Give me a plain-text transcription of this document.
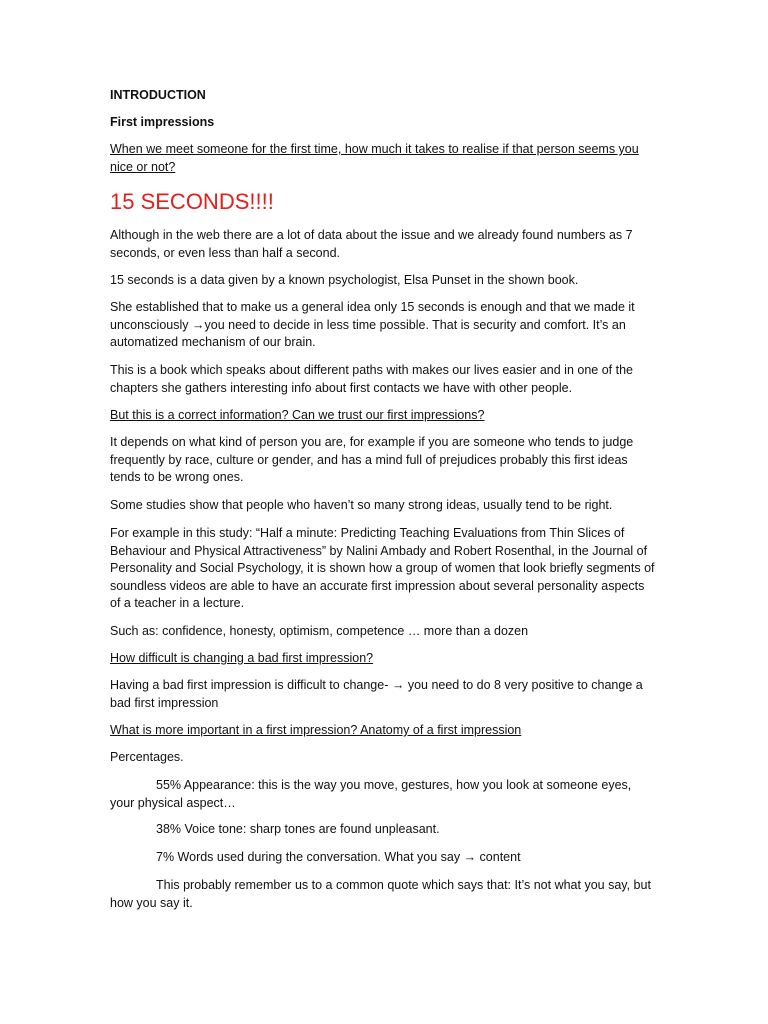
INTRODUCTION

First impressions

When we meet someone for the first time, how much it takes to realise if that person seems you nice or not?

15 SECONDS!!!!

Although in the web there are a lot of data about the issue and we already found numbers as 7 seconds, or even less than half a second.

15 seconds is a data given by a known psychologist, Elsa Punset in the shown book.

She established that to make us a general idea only 15 seconds is enough and that we made it unconsciously →you need to decide in less time possible. That is security and comfort. It’s an automatized mechanism of our brain.

This is a book which speaks about different paths with makes our lives easier and in one of the chapters she gathers interesting info about first contacts we have with other people.

But this is a correct information? Can we trust our first impressions?

It depends on what kind of person you are, for example if you are someone who tends to judge frequently by race, culture or gender, and has a mind full of prejudices probably this first ideas tends to be wrong ones.

Some studies show that people who haven’t so many strong ideas, usually tend to be right.

For example in this study: “Half a minute: Predicting Teaching Evaluations from Thin Slices of Behaviour and Physical Attractiveness” by Nalini Ambady and Robert Rosenthal, in the Journal of Personality and Social Psychology, it is shown how a group of women that look briefly segments of soundless videos are able to have an accurate first impression about several personality aspects of a teacher in a lecture.

Such as: confidence, honesty, optimism, competence … more than a dozen

How difficult is changing a bad first impression?

Having a bad first impression is difficult to change- → you need to do 8 very positive to change a bad first impression

What is more important in a first impression? Anatomy of a first impression

Percentages.

55% Appearance: this is the way you move, gestures, how you look at someone eyes, your physical aspect…

38% Voice tone: sharp tones are found unpleasant.

7% Words used during the conversation. What you say → content

This probably remember us to a common quote which says that: It’s not what you say, but how you say it.
